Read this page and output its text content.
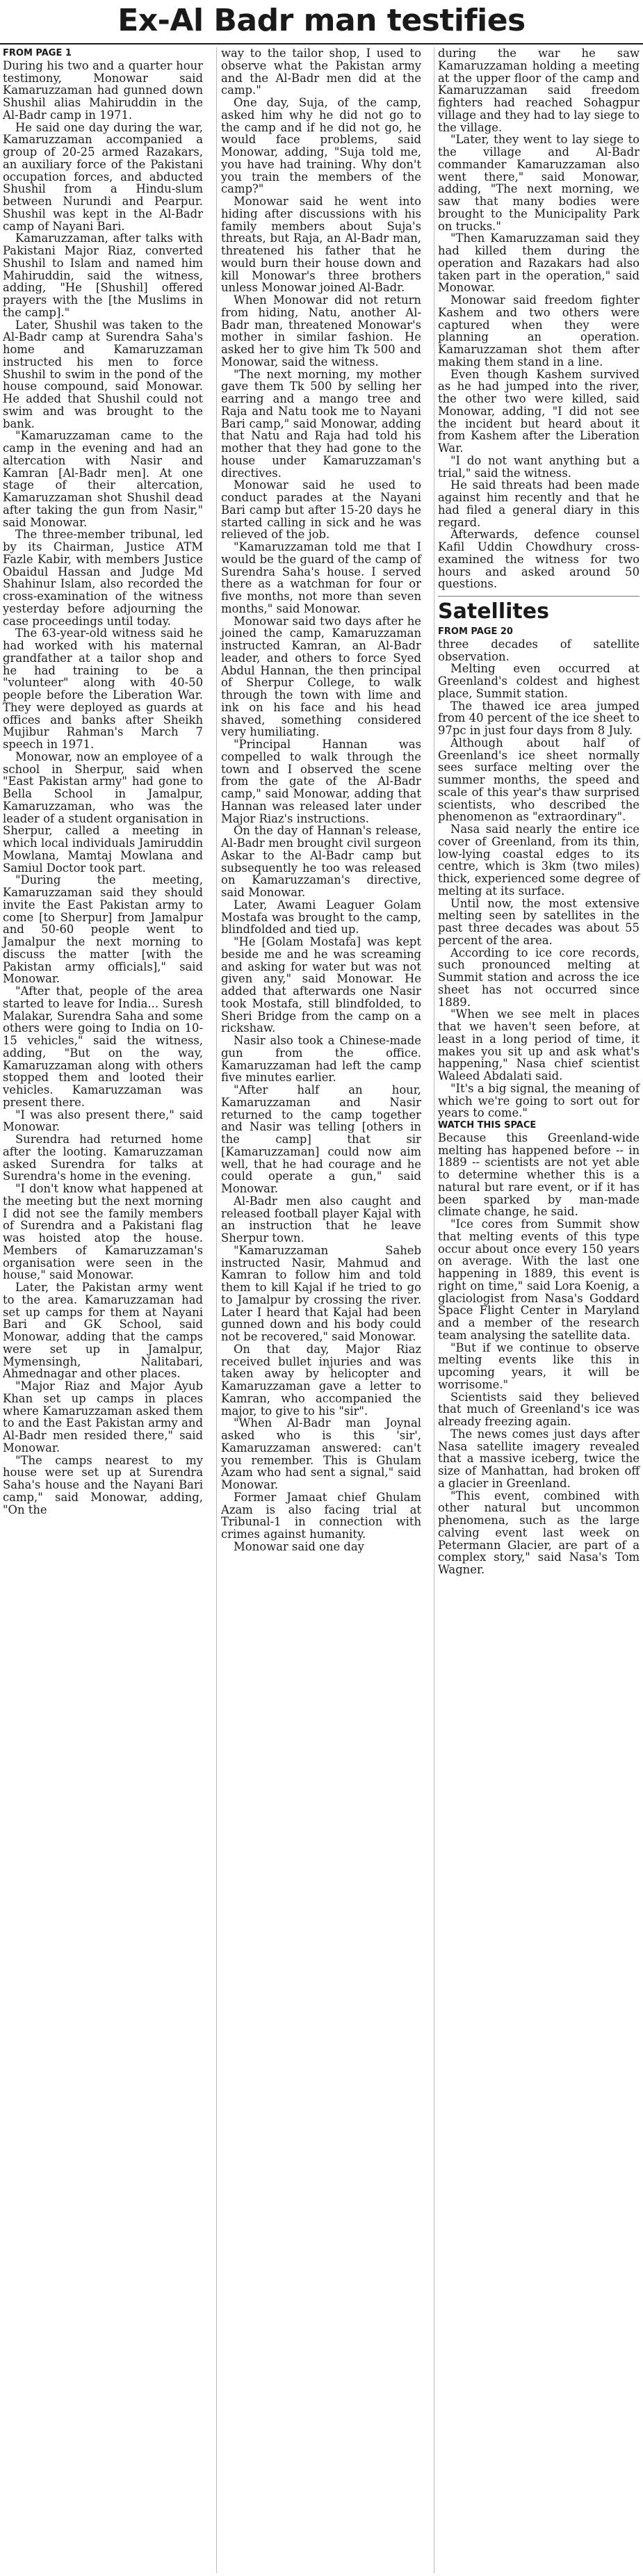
Ex-Al Badr man testifies
FROM PAGE 1

During his two and a quarter hour testimony, Monowar said Kamaruzzaman had gunned down Shushil alias Mahiruddin in the Al-Badr camp in 1971.

He said one day during the war, Kamaruzzaman accompanied a group of 20-25 armed Razakars, an auxiliary force of the Pakistani occupation forces, and abducted Shushil from a Hindu-slum between Nurundi and Pearpur. Shushil was kept in the Al-Badr camp of Nayani Bari.

Kamaruzzaman, after talks with Pakistani Major Riaz, converted Shushil to Islam and named him Mahiruddin, said the witness, adding, "He [Shushil] offered prayers with the [the Muslims in the camp]."

Later, Shushil was taken to the Al-Badr camp at Surendra Saha's home and Kamaruzzaman instructed his men to force Shushil to swim in the pond of the house compound, said Monowar. He added that Shushil could not swim and was brought to the bank.

"Kamaruzzaman came to the camp in the evening and had an altercation with Nasir and Kamran [Al-Badr men]. At one stage of their altercation, Kamaruzzaman shot Shushil dead after taking the gun from Nasir," said Monowar.

The three-member tribunal, led by its Chairman, Justice ATM Fazle Kabir, with members Justice Obaidul Hassan and Judge Md Shahinur Islam, also recorded the cross-examination of the witness yesterday before adjourning the case proceedings until today.

The 63-year-old witness said he had worked with his maternal grandfather at a tailor shop and he had training to be a "volunteer" along with 40-50 people before the Liberation War. They were deployed as guards at offices and banks after Sheikh Mujibur Rahman's March 7 speech in 1971.

Monowar, now an employee of a school in Sherpur, said when "East Pakistan army" had gone to Bella School in Jamalpur, Kamaruzzaman, who was the leader of a student organisation in Sherpur, called a meeting in which local individuals Jamiruddin Mowlana, Mamtaj Mowlana and Samiul Doctor took part.

"During the meeting, Kamaruzzaman said they should invite the East Pakistan army to come [to Sherpur] from Jamalpur and 50-60 people went to Jamalpur the next morning to discuss the matter [with the Pakistan army officials]," said Monowar.

"After that, people of the area started to leave for India... Suresh Malakar, Surendra Saha and some others were going to India on 10-15 vehicles," said the witness, adding, "But on the way, Kamaruzzaman along with others stopped them and looted their vehicles. Kamaruzzaman was present there.

"I was also present there," said Monowar.

Surendra had returned home after the looting. Kamaruzzaman asked Surendra for talks at Surendra's home in the evening.

"I don't know what happened at the meeting but the next morning I did not see the family members of Surendra and a Pakistani flag was hoisted atop the house. Members of Kamaruzzaman's organisation were seen in the house," said Monowar.

Later, the Pakistan army went to the area. Kamaruzzaman had set up camps for them at Nayani Bari and GK School, said Monowar, adding that the camps were set up in Jamalpur, Mymensingh, Nalitabari, Ahmednagar and other places.

"Major Riaz and Major Ayub Khan set up camps in places where Kamaruzzaman asked them to and the East Pakistan army and Al-Badr men resided there," said Monowar.

"The camps nearest to my house were set up at Surendra Saha's house and the Nayani Bari camp," said Monowar, adding, "On the

way to the tailor shop, I used to observe what the Pakistan army and the Al-Badr men did at the camp."

One day, Suja, of the camp, asked him why he did not go to the camp and if he did not go, he would face problems, said Monowar, adding, "Suja told me, you have had training. Why don't you train the members of the camp?"

Monowar said he went into hiding after discussions with his family members about Suja's threats, but Raja, an Al-Badr man, threatened his father that he would burn their house down and kill Monowar's three brothers unless Monowar joined Al-Badr.

When Monowar did not return from hiding, Natu, another Al-Badr man, threatened Monowar's mother in similar fashion. He asked her to give him Tk 500 and Monowar, said the witness.

"The next morning, my mother gave them Tk 500 by selling her earring and a mango tree and Raja and Natu took me to Nayani Bari camp," said Monowar, adding that Natu and Raja had told his mother that they had gone to the house under Kamaruzzaman's directives.

Monowar said he used to conduct parades at the Nayani Bari camp but after 15-20 days he started calling in sick and he was relieved of the job.

"Kamaruzzaman told me that I would be the guard of the camp of Surendra Saha's house. I served there as a watchman for four or five months, not more than seven months," said Monowar.

Monowar said two days after he joined the camp, Kamaruzzaman instructed Kamran, an Al-Badr leader, and others to force Syed Abdul Hannan, the then principal of Sherpur College, to walk through the town with lime and ink on his face and his head shaved, something considered very humiliating.

"Principal Hannan was compelled to walk through the town and I observed the scene from the gate of the Al-Badr camp," said Monowar, adding that Hannan was released later under Major Riaz's instructions.

On the day of Hannan's release, Al-Badr men brought civil surgeon Askar to the Al-Badr camp but subsequently he too was released on Kamaruzzaman's directive, said Monowar.

Later, Awami Leaguer Golam Mostafa was brought to the camp, blindfolded and tied up.

"He [Golam Mostafa] was kept beside me and he was screaming and asking for water but was not given any," said Monowar. He added that afterwards one Nasir took Mostafa, still blindfolded, to Sheri Bridge from the camp on a rickshaw.

Nasir also took a Chinese-made gun from the office. Kamaruzzaman had left the camp five minutes earlier.

"After half an hour, Kamaruzzaman and Nasir returned to the camp together and Nasir was telling [others in the camp] that sir [Kamaruzzaman] could now aim well, that he had courage and he could operate a gun," said Monowar.

Al-Badr men also caught and released football player Kajal with an instruction that he leave Sherpur town.

"Kamaruzzaman Saheb instructed Nasir, Mahmud and Kamran to follow him and told them to kill Kajal if he tried to go to Jamalpur by crossing the river. Later I heard that Kajal had been gunned down and his body could not be recovered," said Monowar.

On that day, Major Riaz received bullet injuries and was taken away by helicopter and Kamaruzzaman gave a letter to Kamran, who accompanied the major, to give to his "sir".

"When Al-Badr man Joynal asked who is this 'sir', Kamaruzzaman answered: can't you remember. This is Ghulam Azam who had sent a signal," said Monowar.

Former Jamaat chief Ghulam Azam is also facing trial at Tribunal-1 in connection with crimes against humanity.

Monowar said one day

during the war he saw Kamaruzzaman holding a meeting at the upper floor of the camp and Kamaruzzaman said freedom fighters had reached Sohagpur village and they had to lay siege to the village.

"Later, they went to lay siege to the village and Al-Badr commander Kamaruzzaman also went there," said Monowar, adding, "The next morning, we saw that many bodies were brought to the Municipality Park on trucks."

"Then Kamaruzzaman said they had killed them during the operation and Razakars had also taken part in the operation," said Monowar.

Monowar said freedom fighter Kashem and two others were captured when they were planning an operation. Kamaruzzaman shot them after making them stand in a line.

Even though Kashem survived as he had jumped into the river, the other two were killed, said Monowar, adding, "I did not see the incident but heard about it from Kashem after the Liberation War.

"I do not want anything but a trial," said the witness.

He said threats had been made against him recently and that he had filed a general diary in this regard.

Afterwards, defence counsel Kafil Uddin Chowdhury cross-examined the witness for two hours and asked around 50 questions.

Satellites
FROM PAGE 20

three decades of satellite observation.

Melting even occurred at Greenland's coldest and highest place, Summit station.

The thawed ice area jumped from 40 percent of the ice sheet to 97pc in just four days from 8 July.

Although about half of Greenland's ice sheet normally sees surface melting over the summer months, the speed and scale of this year's thaw surprised scientists, who described the phenomenon as "extraordinary".

Nasa said nearly the entire ice cover of Greenland, from its thin, low-lying coastal edges to its centre, which is 3km (two miles) thick, experienced some degree of melting at its surface.

Until now, the most extensive melting seen by satellites in the past three decades was about 55 percent of the area.

According to ice core records, such pronounced melting at Summit station and across the ice sheet has not occurred since 1889.

"When we see melt in places that we haven't seen before, at least in a long period of time, it makes you sit up and ask what's happening," Nasa chief scientist Waleed Abdalati said.

"It's a big signal, the meaning of which we're going to sort out for years to come."

WATCH THIS SPACE

Because this Greenland-wide melting has happened before -- in 1889 -- scientists are not yet able to determine whether this is a natural but rare event, or if it has been sparked by man-made climate change, he said.

"Ice cores from Summit show that melting events of this type occur about once every 150 years on average. With the last one happening in 1889, this event is right on time," said Lora Koenig, a glaciologist from Nasa's Goddard Space Flight Center in Maryland and a member of the research team analysing the satellite data.

"But if we continue to observe melting events like this in upcoming years, it will be worrisome."

Scientists said they believed that much of Greenland's ice was already freezing again.

The news comes just days after Nasa satellite imagery revealed that a massive iceberg, twice the size of Manhattan, had broken off a glacier in Greenland.

"This event, combined with other natural but uncommon phenomena, such as the large calving event last week on Petermann Glacier, are part of a complex story," said Nasa's Tom Wagner.
